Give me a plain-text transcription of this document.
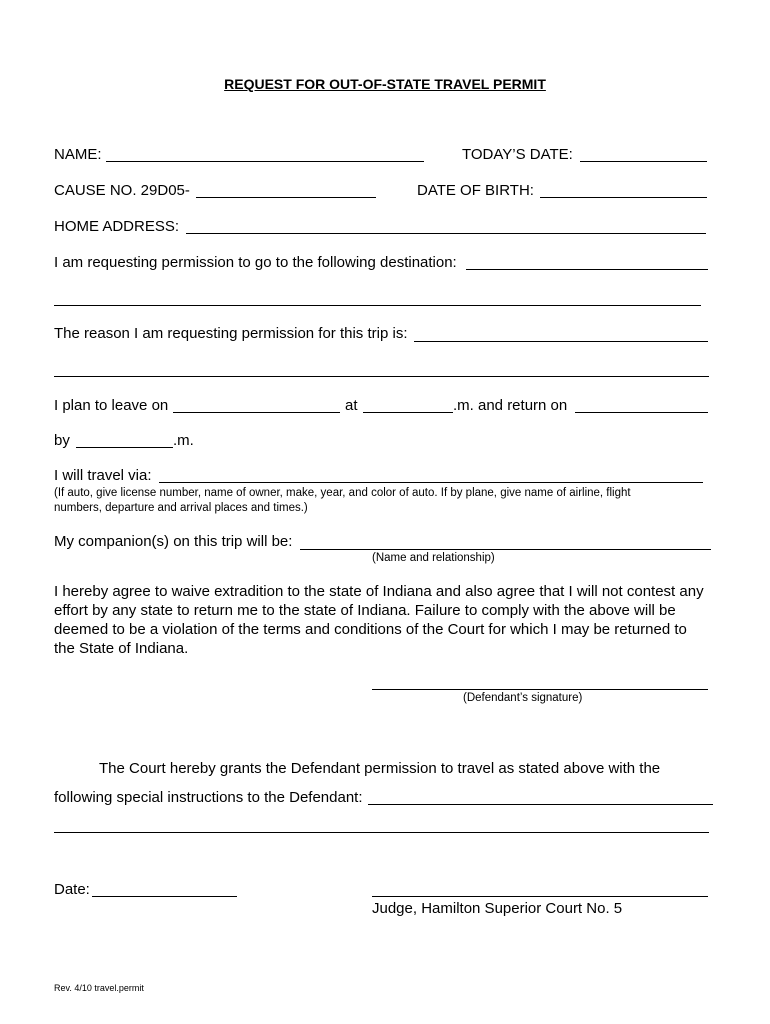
REQUEST FOR OUT-OF-STATE TRAVEL PERMIT
NAME:	TODAY’S DATE:
CAUSE NO. 29D05-	DATE OF BIRTH:
HOME ADDRESS:
I am requesting permission to go to the following destination:
The reason I am requesting permission for this trip is:
I plan to leave on	at	.m. and return on
by	.m.
I will travel via:
(If auto, give license number, name of owner, make, year, and color of auto. If by plane, give name of airline, flight
numbers, departure and arrival places and times.)
My companion(s) on this trip will be:
(Name and relationship)
I hereby agree to waive extradition to the state of Indiana and also agree that I will not contest any
effort by any state to return me to the state of Indiana. Failure to comply with the above will be
deemed to be a violation of the terms and conditions of the Court for which I may be returned to
the State of Indiana.
(Defendant’s signature)
The Court hereby grants the Defendant permission to travel as stated above with the
following special instructions to the Defendant:
Date:
Judge, Hamilton Superior Court No. 5
Rev. 4/10 travel.permit
